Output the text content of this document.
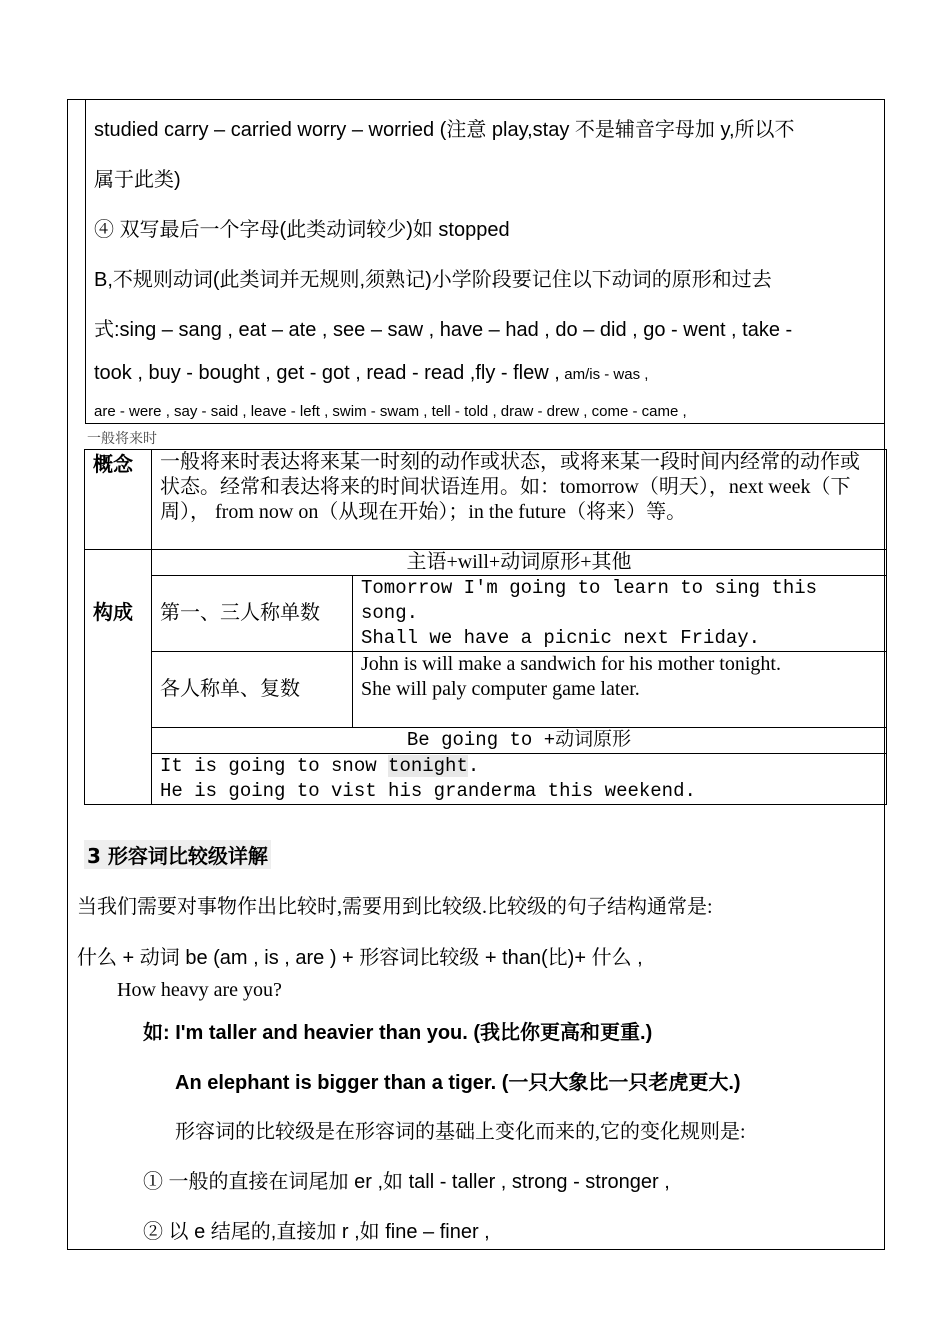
studied carry – carried worry – worried (注意 play,stay 不是辅音字母加 y,所以不
属于此类)
④ 双写最后一个字母(此类动词较少)如 stopped
B,不规则动词(此类词并无规则,须熟记)小学阶段要记住以下动词的原形和过去
式:sing – sang , eat – ate , see – saw , have – had , do – did , go - went , take -
took , buy - bought , get - got , read - read ,fly - flew , am/is - was ,
are - were , say - said , leave - left , swim - swam , tell - told , draw - drew , come - came ,
一般将来时
概念	一般将来时表达将来某一时刻的动作或状态，或将来某一段时间内经常的动作或状态。经常和表达将来的时间状语连用。如：tomorrow（明天），next week（下周）， from now on（从现在开始）；in the future（将来）等。	
构成	主语+will+动词原形+其他	
	第一、三人称单数	Tomorrow I'm going to learn to sing this song.
Shall we have a picnic next Friday.

	各人称单、复数	John is will make a sandwich for his mother tonight.
She will paly computer game later.

	Be going to +动词原形	

	It is going to snow tonight.
He is going to vist his granderma this weekend.	
3 形容词比较级详解
当我们需要对事物作出比较时,需要用到比较级.比较级的句子结构通常是:
什么 + 动词 be (am , is , are ) + 形容词比较级 + than(比)+ 什么 ,
How heavy are you?
如: I'm taller and heavier than you. (我比你更高和更重.)
An elephant is bigger than a tiger. (一只大象比一只老虎更大.)
形容词的比较级是在形容词的基础上变化而来的,它的变化规则是:
① 一般的直接在词尾加 er ,如 tall - taller , strong - stronger ,
② 以 e 结尾的,直接加 r ,如 fine – finer ,
